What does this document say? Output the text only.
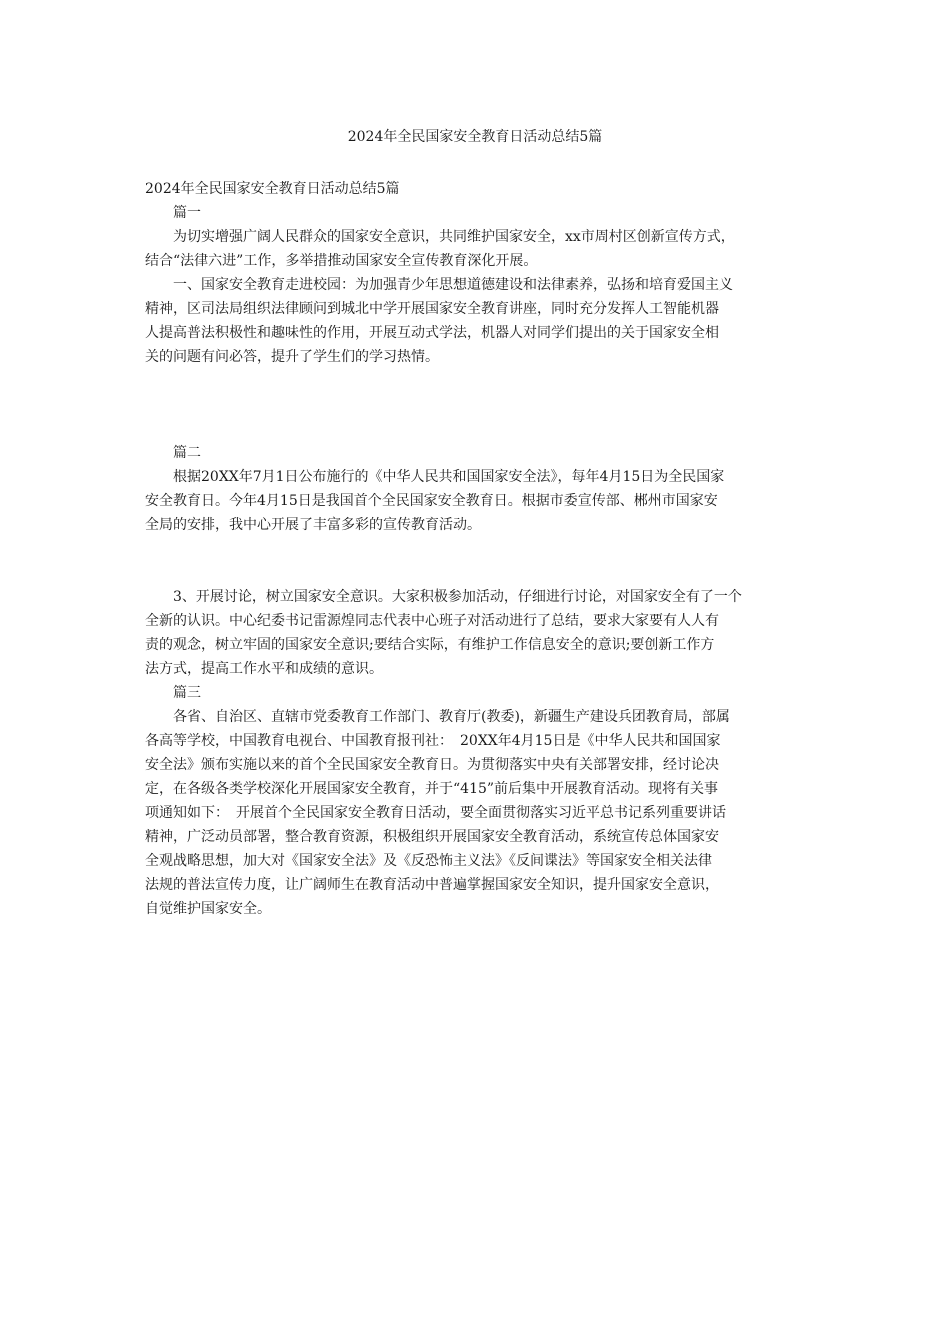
2024年全民国家安全教育日活动总结5篇

2024年全民国家安全教育日活动总结5篇

　　篇一

　　为切实增强广阔人民群众的国家安全意识，共同维护国家安全，xx市周村区创新宣传方式，

结合“法律六进”工作，多举措推动国家安全宣传教育深化开展。

　　一、国家安全教育走进校园：为加强青少年思想道德建设和法律素养，弘扬和培育爱国主义

精神，区司法局组织法律顾问到城北中学开展国家安全教育讲座，同时充分发挥人工智能机器

人提高普法积极性和趣味性的作用，开展互动式学法，机器人对同学们提出的关于国家安全相

关的问题有问必答，提升了学生们的学习热情。

　　篇二

　　根据20XX年7月1日公布施行的《中华人民共和国国家安全法》，每年4月15日为全民国家

安全教育日。今年4月15日是我国首个全民国家安全教育日。根据市委宣传部、郴州市国家安

全局的安排，我中心开展了丰富多彩的宣传教育活动。

　　3、开展讨论，树立国家安全意识。大家积极参加活动，仔细进行讨论，对国家安全有了一个

全新的认识。中心纪委书记雷源煌同志代表中心班子对活动进行了总结，要求大家要有人人有

责的观念，树立牢固的国家安全意识;要结合实际，有维护工作信息安全的意识;要创新工作方

法方式，提高工作水平和成绩的意识。

　　篇三

　　各省、自治区、直辖市党委教育工作部门、教育厅(教委)，新疆生产建设兵团教育局，部属

各高等学校，中国教育电视台、中国教育报刊社：　20XX年4月15日是《中华人民共和国国家

安全法》颁布实施以来的首个全民国家安全教育日。为贯彻落实中央有关部署安排，经讨论决

定，在各级各类学校深化开展国家安全教育，并于“415”前后集中开展教育活动。现将有关事

项通知如下：　开展首个全民国家安全教育日活动，要全面贯彻落实习近平总书记系列重要讲话

精神，广泛动员部署，整合教育资源，积极组织开展国家安全教育活动，系统宣传总体国家安

全观战略思想，加大对《国家安全法》及《反恐怖主义法》《反间谍法》等国家安全相关法律

法规的普法宣传力度，让广阔师生在教育活动中普遍掌握国家安全知识，提升国家安全意识，

自觉维护国家安全。
